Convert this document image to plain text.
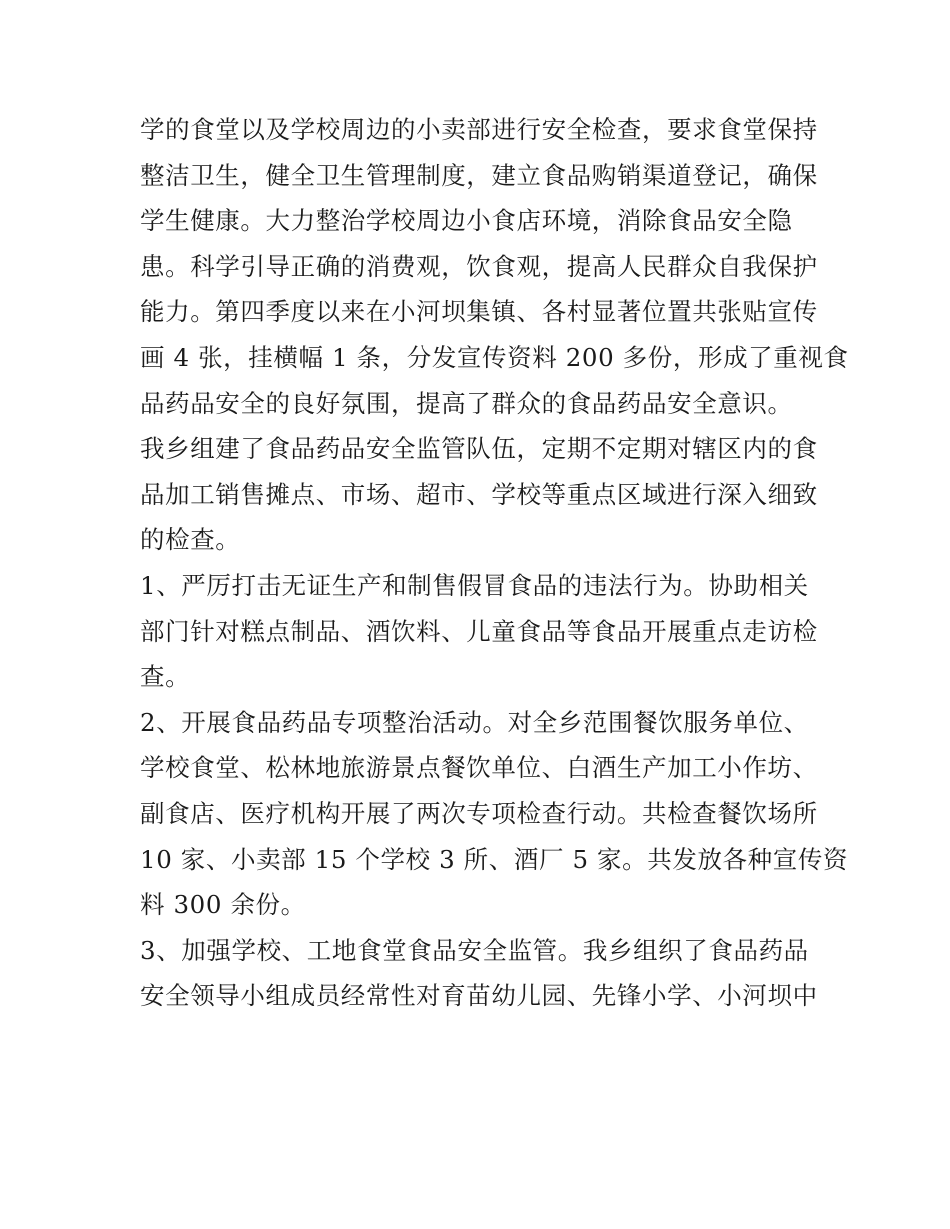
学的食堂以及学校周边的小卖部进行安全检查，要求食堂保持
整洁卫生，健全卫生管理制度，建立食品购销渠道登记，确保
学生健康。大力整治学校周边小食店环境，消除食品安全隐
患。科学引导正确的消费观，饮食观，提高人民群众自我保护
能力。第四季度以来在小河坝集镇、各村显著位置共张贴宣传
画 4 张，挂横幅 1 条，分发宣传资料 200 多份，形成了重视食
品药品安全的良好氛围，提高了群众的食品药品安全意识。
我乡组建了食品药品安全监管队伍，定期不定期对辖区内的食
品加工销售摊点、市场、超市、学校等重点区域进行深入细致
的检查。
1、严厉打击无证生产和制售假冒食品的违法行为。协助相关
部门针对糕点制品、酒饮料、儿童食品等食品开展重点走访检
查。
2、开展食品药品专项整治活动。对全乡范围餐饮服务单位、
学校食堂、松林地旅游景点餐饮单位、白酒生产加工小作坊、
副食店、医疗机构开展了两次专项检查行动。共检查餐饮场所
10 家、小卖部 15 个学校 3 所、酒厂 5 家。共发放各种宣传资
料 300 余份。
3、加强学校、工地食堂食品安全监管。我乡组织了食品药品
安全领导小组成员经常性对育苗幼儿园、先锋小学、小河坝中
